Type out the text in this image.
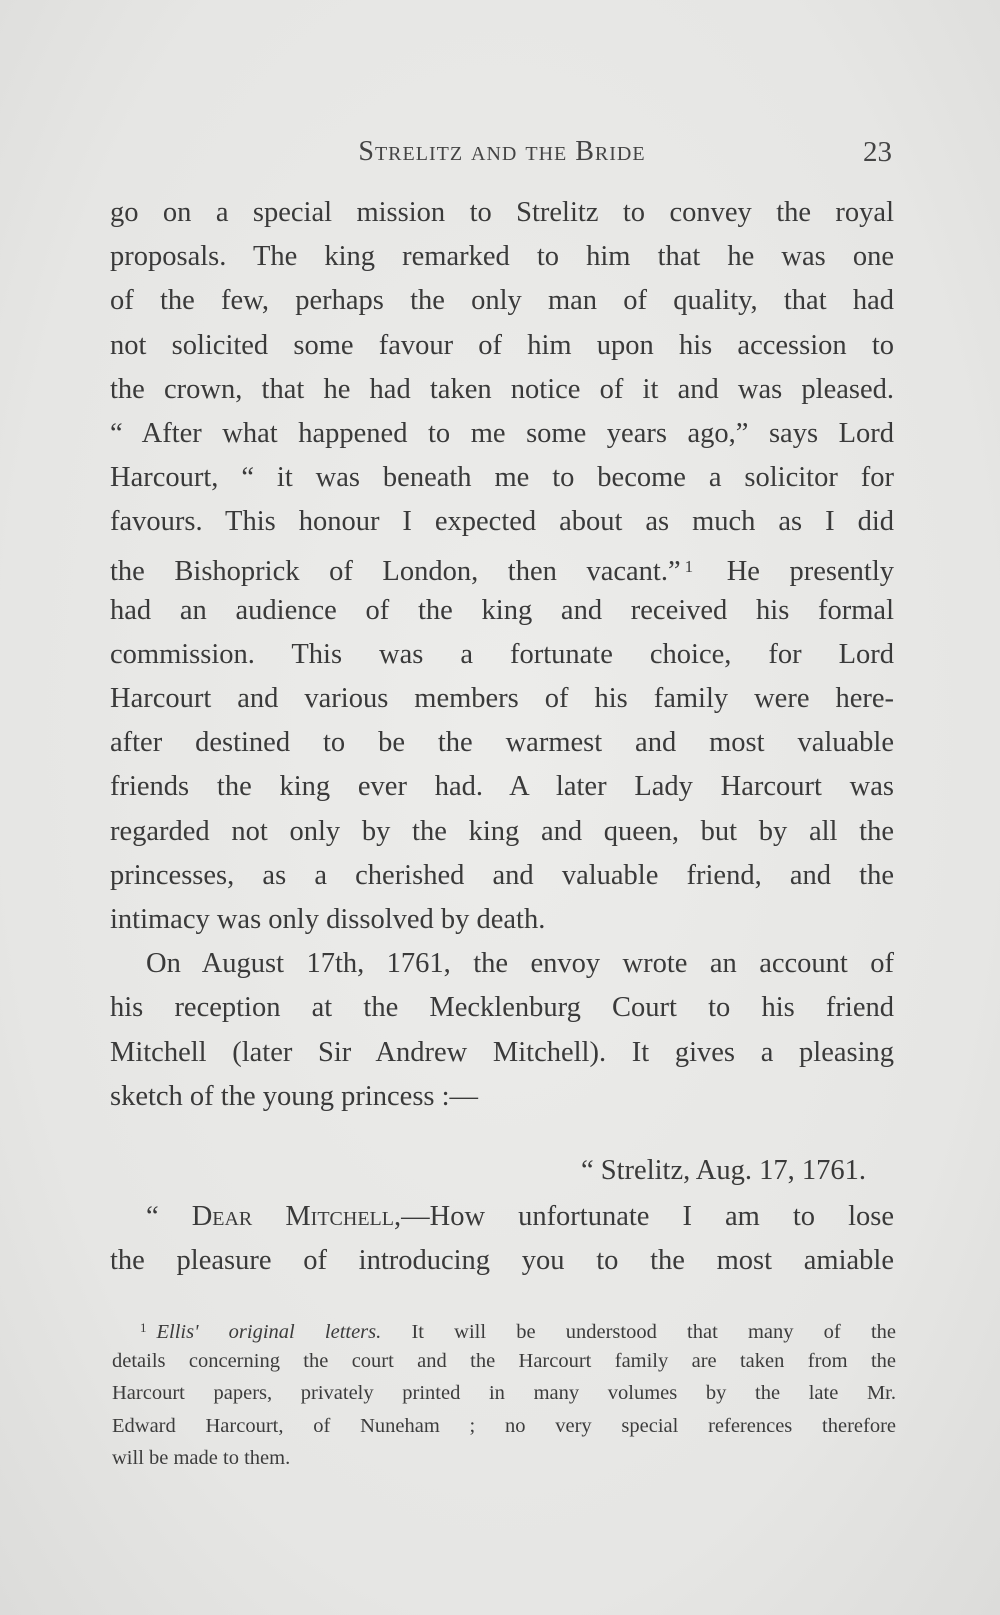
Strelitz and the Bride	23
go on a special mission to Strelitz to convey the royal
proposals. The king remarked to him that he was one
of the few, perhaps the only man of quality, that had
not solicited some favour of him upon his accession to
the crown, that he had taken notice of it and was pleased.
“ After what happened to me some years ago,” says Lord
Harcourt, “ it was beneath me to become a solicitor for
favours. This honour I expected about as much as I did
the Bishoprick of London, then vacant.” $^1$ He presently
had an audience of the king and received his formal
commission. This was a fortunate choice, for Lord
Harcourt and various members of his family were here-
after destined to be the warmest and most valuable
friends the king ever had. A later Lady Harcourt was
regarded not only by the king and queen, but by all the
princesses, as a cherished and valuable friend, and the
intimacy was only dissolved by death.
On August 17th, 1761, the envoy wrote an account of
his reception at the Mecklenburg Court to his friend
Mitchell (later Sir Andrew Mitchell). It gives a pleasing
sketch of the young princess :—
“ Strelitz, Aug. 17, 1761.
“ Dear Mitchell,—How unfortunate I am to lose
the pleasure of introducing you to the most amiable
$^1$ Ellis' original letters. It will be understood that many of the
details concerning the court and the Harcourt family are taken from the
Harcourt papers, privately printed in many volumes by the late Mr.
Edward Harcourt, of Nuneham ; no very special references therefore
will be made to them.
